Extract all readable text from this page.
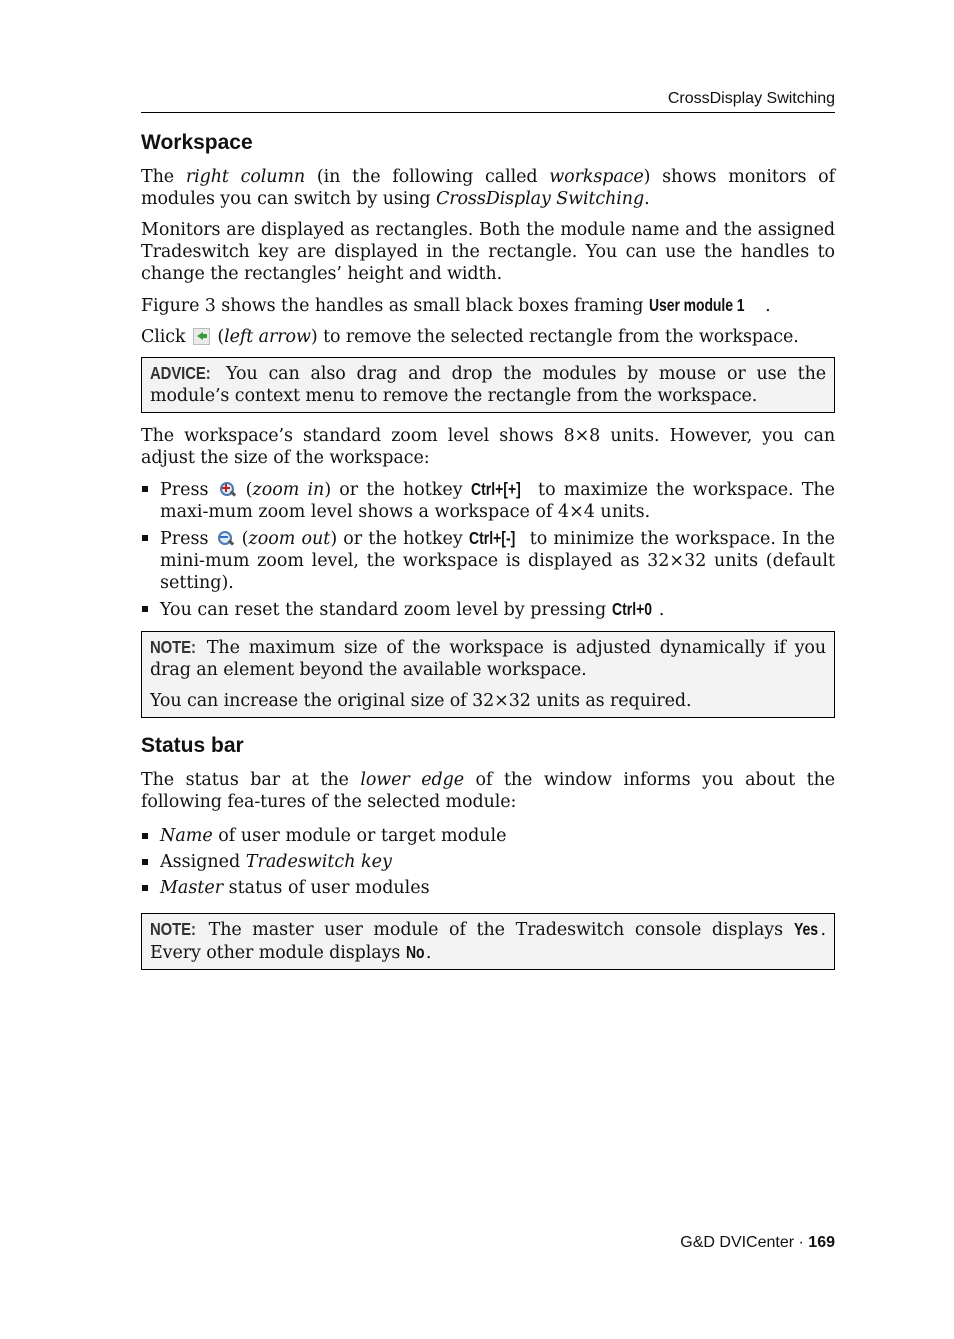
CrossDisplay Switching
Workspace

The right column (in the following called workspace) shows monitors of modules you can switch by using CrossDisplay Switching.

Monitors are displayed as rectangles. Both the module name and the assigned Tradeswitch key are displayed in the rectangle. You can use the handles to change the rectangles’ height and width.

Figure 3 shows the handles as small black boxes framing User module 1 .

Click  (left arrow) to remove the selected rectangle from the workspace.

ADVICE: You can also drag and drop the modules by mouse or use the module’s context menu to remove the rectangle from the workspace.

The workspace’s standard zoom level shows 8×8 units. However, you can adjust the size of the workspace:

Press
(zoom in) or the hotkey Ctrl+[+] to maximize the workspace. The maxi-mum zoom level shows a workspace of 4×4 units.
Press
(zoom out) or the hotkey Ctrl+[-] to minimize the workspace. In the mini-mum zoom level, the workspace is displayed as 32×32 units (default setting).
You can reset the standard zoom level by pressing Ctrl+0 .

NOTE: The maximum size of the workspace is adjusted dynamically if you drag an element beyond the available workspace.

You can increase the original size of 32×32 units as required.

Status bar

The status bar at the lower edge of the window informs you about the following fea-tures of the selected module:

Name of user module or target module
Assigned Tradeswitch key
Master status of user modules

NOTE: The master user module of the Tradeswitch console displays Yes . Every other module displays No.

G&D DVICenter · 169
